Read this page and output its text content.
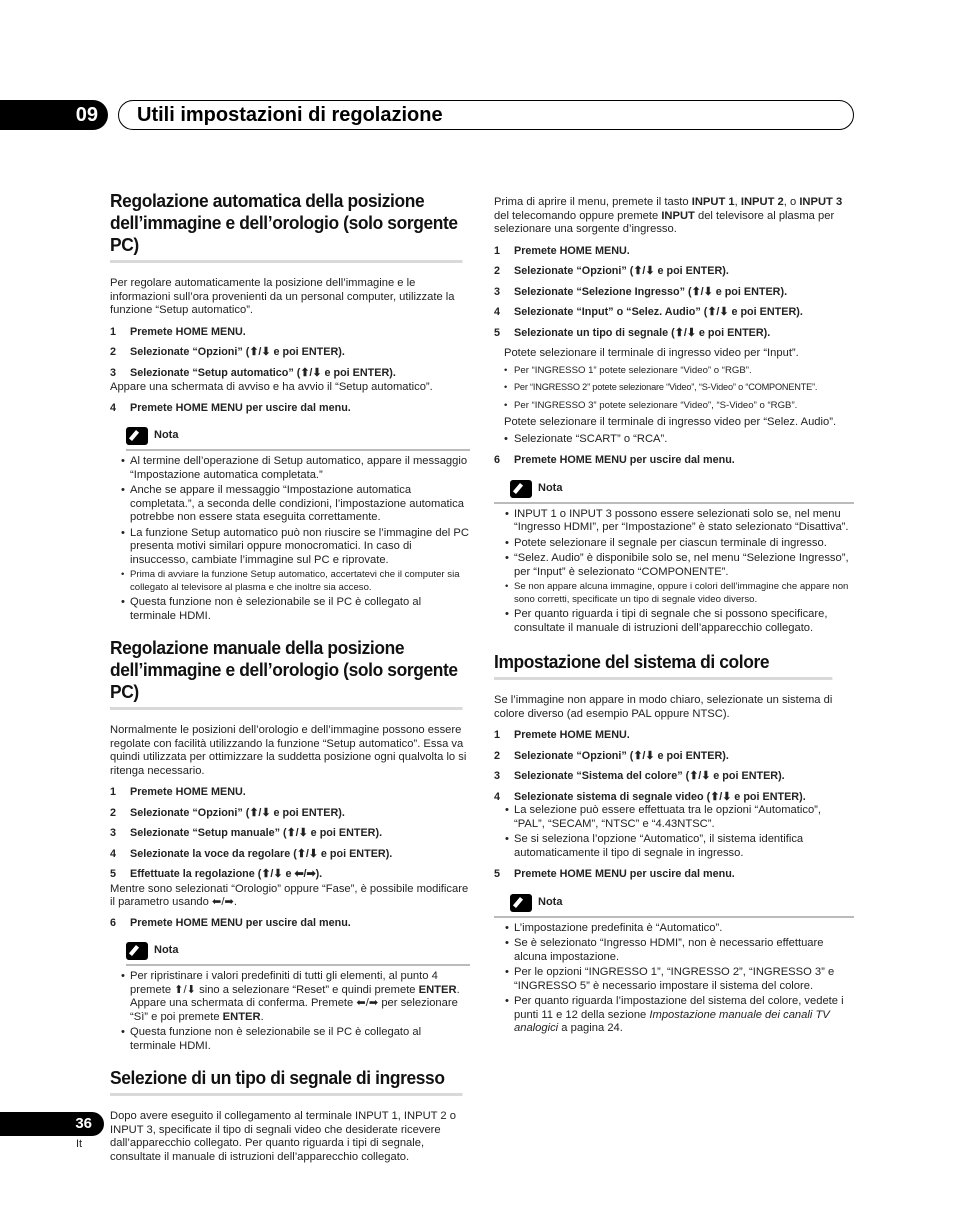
09 Utili impostazioni di regolazione
Regolazione automatica della posizione dell’immagine e dell’orologio (solo sorgente PC)

Per regolare automaticamente la posizione dell’immagine e le informazioni sull’ora provenienti da un personal computer, utilizzate la funzione “Setup automatico”.

1 Premete HOME MENU.
2 Selezionate “Opzioni” (⬆/⬇ e poi ENTER).
3 Selezionate “Setup automatico” (⬆/⬇ e poi ENTER).

Appare una schermata di avviso e ha avvio il “Setup automatico”.

4 Premete HOME MENU per uscire dal menu.
Nota
• Al termine dell’operazione di Setup automatico, appare il messaggio “Impostazione automatica completata.”
• Anche se appare il messaggio “Impostazione automatica completata.”, a seconda delle condizioni, l’impostazione automatica potrebbe non essere stata eseguita correttamente.
• La funzione Setup automatico può non riuscire se l’immagine del PC presenta motivi similari oppure monocromatici. In caso di insuccesso, cambiate l’immagine sul PC e riprovate.
• Prima di avviare la funzione Setup automatico, accertatevi che il computer sia collegato al televisore al plasma e che inoltre sia acceso.
• Questa funzione non è selezionabile se il PC è collegato al terminale HDMI.
Regolazione manuale della posizione dell’immagine e dell’orologio (solo sorgente PC)

Normalmente le posizioni dell’orologio e dell’immagine possono essere regolate con facilità utilizzando la funzione “Setup automatico”. Essa va quindi utilizzata per ottimizzare la suddetta posizione ogni qualvolta lo si ritenga necessario.

1 Premete HOME MENU.
2 Selezionate “Opzioni” (⬆/⬇ e poi ENTER).
3 Selezionate “Setup manuale” (⬆/⬇ e poi ENTER).
4 Selezionate la voce da regolare (⬆/⬇ e poi ENTER).
5 Effettuate la regolazione (⬆/⬇ e ⬅/➡).

Mentre sono selezionati “Orologio” oppure “Fase”, è possibile modificare il parametro usando ⬅/➡.

6 Premete HOME MENU per uscire dal menu.
Nota
• Per ripristinare i valori predefiniti di tutti gli elementi, al punto 4 premete ⬆/⬇ sino a selezionare “Reset” e quindi premete ENTER. Appare una schermata di conferma. Premete ⬅/➡ per selezionare “Sì” e poi premete ENTER.
• Questa funzione non è selezionabile se il PC è collegato al terminale HDMI.
Selezione di un tipo di segnale di ingresso

Dopo avere eseguito il collegamento al terminale INPUT 1, INPUT 2 o INPUT 3, specificate il tipo di segnali video che desiderate ricevere dall’apparecchio collegato. Per quanto riguarda i tipi di segnale, consultate il manuale di istruzioni dell’apparecchio collegato.

Prima di aprire il menu, premete il tasto INPUT 1, INPUT 2, o INPUT 3 del telecomando oppure premete INPUT del televisore al plasma per selezionare una sorgente d’ingresso.

1 Premete HOME MENU.
2 Selezionate “Opzioni” (⬆/⬇ e poi ENTER).
3 Selezionate “Selezione Ingresso” (⬆/⬇ e poi ENTER).
4 Selezionate “Input” o “Selez. Audio” (⬆/⬇ e poi ENTER).
5 Selezionate un tipo di segnale (⬆/⬇ e poi ENTER).

Potete selezionare il terminale di ingresso video per “Input”.

• Per “INGRESSO 1” potete selezionare “Video” o “RGB”.
• Per “INGRESSO 2” potete selezionare “Video”, “S-Video” o “COMPONENTE”.
• Per “INGRESSO 3” potete selezionare “Video”, “S-Video” o “RGB”.

Potete selezionare il terminale di ingresso video per “Selez. Audio”.

• Selezionate “SCART” o “RCA”.
6 Premete HOME MENU per uscire dal menu.
Nota
• INPUT 1 o INPUT 3 possono essere selezionati solo se, nel menu “Ingresso HDMI”, per “Impostazione” è stato selezionato “Disattiva”.
• Potete selezionare il segnale per ciascun terminale di ingresso.
• “Selez. Audio” è disponibile solo se, nel menu “Selezione Ingresso”, per “Input” è selezionato “COMPONENTE”.
• Se non appare alcuna immagine, oppure i colori dell’immagine che appare non sono corretti, specificate un tipo di segnale video diverso.
• Per quanto riguarda i tipi di segnale che si possono specificare, consultate il manuale di istruzioni dell’apparecchio collegato.
Impostazione del sistema di colore

Se l’immagine non appare in modo chiaro, selezionate un sistema di colore diverso (ad esempio PAL oppure NTSC).

1 Premete HOME MENU.
2 Selezionate “Opzioni” (⬆/⬇ e poi ENTER).
3 Selezionate “Sistema del colore” (⬆/⬇ e poi ENTER).
4 Selezionate sistema di segnale video (⬆/⬇ e poi ENTER).
• La selezione può essere effettuata tra le opzioni “Automatico”, “PAL”, “SECAM”, “NTSC” e “4.43NTSC”.
• Se si seleziona l’opzione “Automatico”, il sistema identifica automaticamente il tipo di segnale in ingresso.
5 Premete HOME MENU per uscire dal menu.
Nota
• L’impostazione predefinita è “Automatico”.
• Se è selezionato “Ingresso HDMI”, non è necessario effettuare alcuna impostazione.
• Per le opzioni “INGRESSO 1”, “INGRESSO 2”, “INGRESSO 3” e “INGRESSO 5” è necessario impostare il sistema del colore.
• Per quanto riguarda l’impostazione del sistema del colore, vedete i punti 11 e 12 della sezione Impostazione manuale dei canali TV analogici a pagina 24.
36
It
